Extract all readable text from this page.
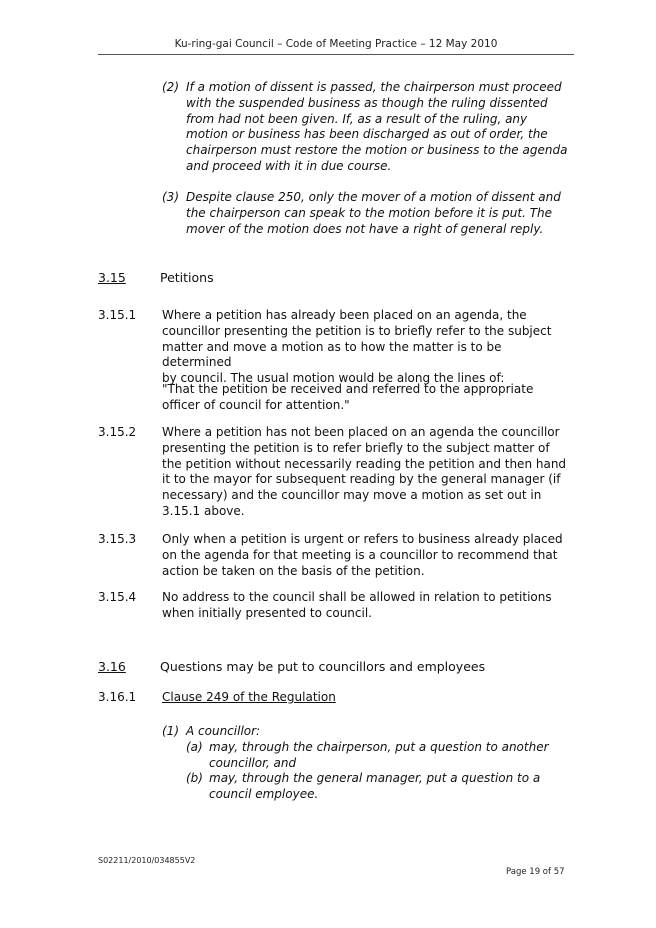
Ku-ring-gai Council – Code of Meeting Practice – 12 May 2010
(2) If a motion of dissent is passed, the chairperson must proceed
with the suspended business as though the ruling dissented
from had not been given. If, as a result of the ruling, any
motion or business has been discharged as out of order, the
chairperson must restore the motion or business to the agenda
and proceed with it in due course.
(3) Despite clause 250, only the mover of a motion of dissent and
the chairperson can speak to the motion before it is put. The
mover of the motion does not have a right of general reply.
3.15	Petitions
3.15.1 Where a petition has already been placed on an agenda, the
councillor presenting the petition is to briefly refer to the subject
matter and move a motion as to how the matter is to be determined
by council. The usual motion would be along the lines of:
"That the petition be received and referred to the appropriate
officer of council for attention."
3.15.2 Where a petition has not been placed on an agenda the councillor
presenting the petition is to refer briefly to the subject matter of
the petition without necessarily reading the petition and then hand
it to the mayor for subsequent reading by the general manager (if
necessary) and the councillor may move a motion as set out in
3.15.1 above.
3.15.3 Only when a petition is urgent or refers to business already placed
on the agenda for that meeting is a councillor to recommend that
action be taken on the basis of the petition.
3.15.4 No address to the council shall be allowed in relation to petitions
when initially presented to council.
3.16	Questions may be put to councillors and employees
3.16.1 Clause 249 of the Regulation
(1) A councillor:
(a) may, through the chairperson, put a question to another
councillor, and
(b) may, through the general manager, put a question to a
council employee.
S02211/2010/034855V2
Page 19 of 57
